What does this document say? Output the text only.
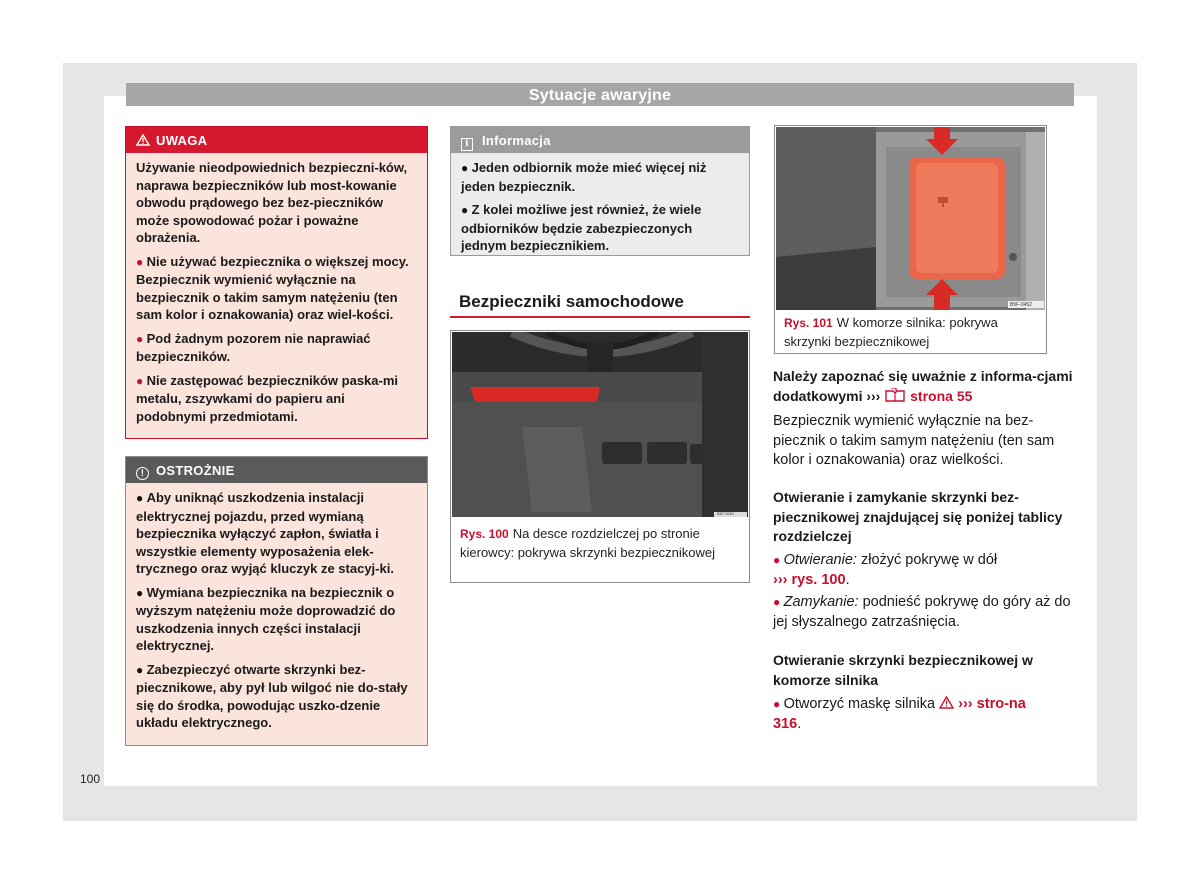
Sytuacje awaryjne
UWAGA

Używanie nieodpowiednich bezpieczni-ków, naprawa bezpieczników lub most-kowanie obwodu prądowego bez bez-pieczników może spowodować pożar i poważne obrażenia.

● Nie używać bezpiecznika o większej mocy. Bezpiecznik wymienić wyłącznie na bezpiecznik o takim samym natężeniu (ten sam kolor i oznakowania) oraz wiel-kości.

● Pod żadnym pozorem nie naprawiać bezpieczników.

● Nie zastępować bezpieczników paska-mi metalu, zszywkami do papieru ani podobnymi przedmiotami.

! OSTROŻNIE

● Aby uniknąć uszkodzenia instalacji elektrycznej pojazdu, przed wymianą bezpiecznika wyłączyć zapłon, światła i wszystkie elementy wyposażenia elek-trycznego oraz wyjąć kluczyk ze stacyj-ki.

● Wymiana bezpiecznika na bezpiecznik o wyższym natężeniu może doprowadzić do uszkodzenia innych części instalacji elektrycznej.

● Zabezpieczyć otwarte skrzynki bez-piecznikowe, aby pył lub wilgoć nie do-stały się do środka, powodując uszko-dzenie układu elektrycznego.

i Informacja

● Jeden odbiornik może mieć więcej niż jeden bezpiecznik.

● Z kolei możliwe jest również, że wiele odbiorników będzie zabezpieczonych jednym bezpiecznikiem.

Bezpieczniki samochodowe
B57-0091
Rys. 100 Na desce rozdzielczej po stronie kierowcy: pokrywa skrzynki bezpiecznikowej
B5F-0452
Rys. 101 W komorze silnika: pokrywa skrzynki bezpiecznikowej
Należy zapoznać się uważnie z informa-cjami dodatkowymi ››› strona 55
Bezpiecznik wymienić wyłącznie na bez-piecznik o takim samym natężeniu (ten sam kolor i oznakowania) oraz wielkości.
Otwieranie i zamykanie skrzynki bez-piecznikowej znajdującej się poniżej tablicy rozdzielczej
● Otwieranie: złożyć pokrywę w dół
››› rys. 100.
● Zamykanie: podnieść pokrywę do góry aż do jej słyszalnego zatrzaśnięcia.
Otwieranie skrzynki bezpiecznikowej w komorze silnika
● Otworzyć maskę silnika ››› stro-na 316.
100
